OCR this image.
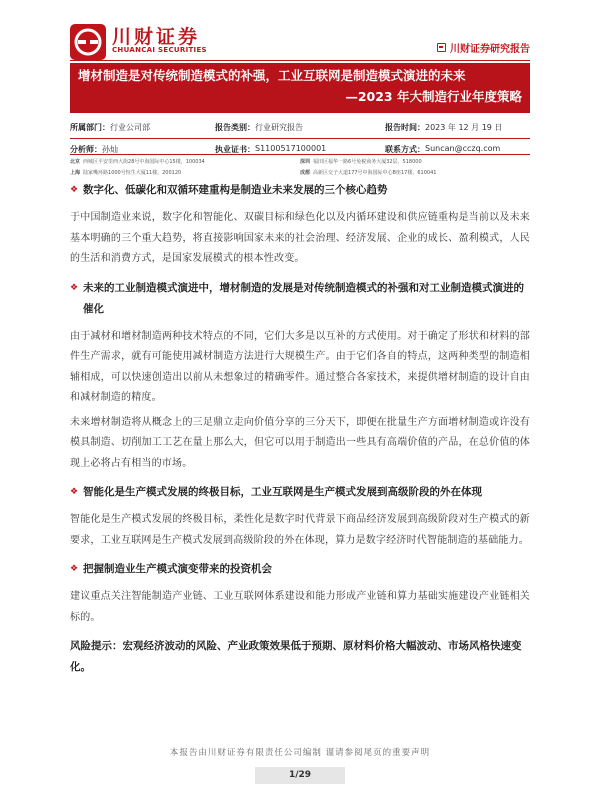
川财证券
CHUANCAI SECURITIES	川财证券研究报告
增材制造是对传统制造模式的补强，工业互联网是制造模式演进的未来
—2023 年大制造行业年度策略
所属部门： 行业公司部	报告类别： 行业研究报告	报告时间： 2023 年 12 月 19 日
分析师： 孙灿	执业证书： S1100517100001	联系方式： Suncan@cczq.com
北京 西城区平安里西大街28号中海国际中心15楼，100034	深圳 福田区福华一路6号免税商务大厦32层，518000
上海 陆家嘴环路1000号恒生大厦11楼，200120	成都 高新区交子大道177号中海国际中心B座17楼，610041
❖ 数字化、低碳化和双循环建重构是制造业未来发展的三个核心趋势
于中国制造业来说，数字化和智能化、双碳目标和绿色化以及内循环建设和供应链重构是当前以及未来基本明确的三个重大趋势，将直接影响国家未来的社会治理、经济发展、企业的成长、盈利模式，人民的生活和消费方式，是国家发展模式的根本性改变。
❖ 未来的工业制造模式演进中，增材制造的发展是对传统制造模式的补强和对工业制造模式演进的催化
由于减材和增材制造两种技术特点的不同，它们大多是以互补的方式使用。对于确定了形状和材料的部件生产需求，就有可能使用减材制造方法进行大规模生产。由于它们各自的特点，这两种类型的制造相辅相成，可以快速创造出以前从未想象过的精确零件。通过整合各家技术，来提供增材制造的设计自由和减材制造的精度。
未来增材制造将从概念上的三足鼎立走向价值分享的三分天下，即便在批量生产方面增材制造或许没有模具制造、切削加工工艺在量上那么大，但它可以用于制造出一些具有高端价值的产品，在总价值的体现上必将占有相当的市场。
❖ 智能化是生产模式发展的终极目标，工业互联网是生产模式发展到高级阶段的外在体现
智能化是生产模式发展的终极目标，柔性化是数字时代背景下商品经济发展到高级阶段对生产模式的新要求，工业互联网是生产模式发展到高级阶段的外在体现，算力是数字经济时代智能制造的基础能力。
❖ 把握制造业生产模式演变带来的投资机会
建议重点关注智能制造产业链、工业互联网体系建设和能力形成产业链和算力基础实施建设产业链相关标的。
风险提示：宏观经济波动的风险、产业政策效果低于预期、原材料价格大幅波动、市场风格快速变化。
本报告由川财证券有限责任公司编制 谨请参阅尾页的重要声明
1/29
